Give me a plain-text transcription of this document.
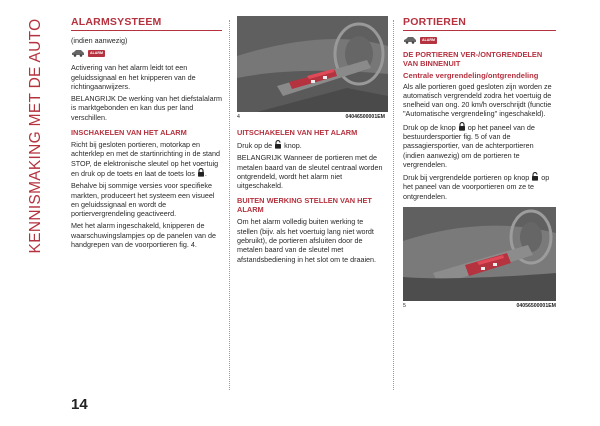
KENNISMAKING MET DE AUTO	ALARMSYSTEEM

(indien aanwezig)

ALARM

Activering van het alarm leidt tot een geluidssignaal en het knipperen van de richtingaanwijzers.

BELANGRIJK De werking van het diefstalalarm is marktgebonden en kan dus per land verschillen.

INSCHAKELEN VAN HET ALARM

Richt bij gesloten portieren, motorkap en achterklep en met de startinrichting in de stand STOP, de elektronische sleutel op het voertuig en druk op de toets en laat de toets los .

Behalve bij sommige versies voor specifieke markten, produceert het systeem een visueel en geluidssignaal en wordt de portiervergrendeling geactiveerd.

Met het alarm ingeschakeld, knipperen de waarschuwingslampjes op de panelen van de handgrepen van de voorportieren fig. 4.

4	04046500001EM
UITSCHAKELEN VAN HET ALARM

Druk op de knop.

BELANGRIJK Wanneer de portieren met de metalen baard van de sleutel centraal worden ontgrendeld, wordt het alarm niet uitgeschakeld.

BUITEN WERKING STELLEN VAN HET ALARM

Om het alarm volledig buiten werking te stellen (bijv. als het voertuig lang niet wordt gebruikt), de portieren afsluiten door de metalen baard van de sleutel met afstandsbediening in het slot om te draaien.

PORTIEREN
ALARM
DE PORTIEREN VER-/ONTGRENDELEN VAN BINNENUIT
Centrale vergrendeling/ontgrendeling

Als alle portieren goed gesloten zijn worden ze automatisch vergrendeld zodra het voertuig de snelheid van ong. 20 km/h overschrijdt (functie "Automatische vergrendeling" ingeschakeld).

Druk op de knop op het paneel van de bestuurdersportier fig. 5 of van de passagiersportier, van de achterportieren (indien aanwezig) om de portieren te vergrendelen.

Druk bij vergrendelde portieren op knop op het paneel van de voorportieren om ze te ontgrendelen.

5	04056500001EM
14
